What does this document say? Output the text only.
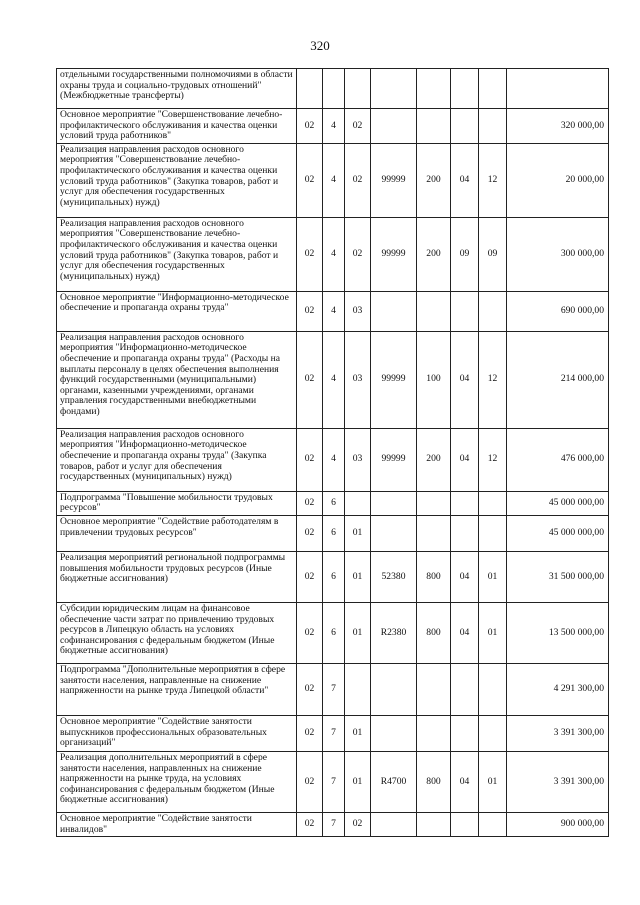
320
отдельными государственными полномочиями в области охраны труда и социально-трудовых отношений" (Межбюджетные трансферты)								
Основное мероприятие "Совершенствование лечебно-профилактического обслуживания и качества оценки условий труда работников"	02	4	02					320 000,00
Реализация направления расходов основного мероприятия "Совершенствование лечебно-профилактического обслуживания и качества оценки условий труда работников" (Закупка товаров, работ и услуг для обеспечения государственных (муниципальных) нужд)	02	4	02	99999	200	04	12	20 000,00
Реализация направления расходов основного мероприятия "Совершенствование лечебно-профилактического обслуживания и качества оценки условий труда работников" (Закупка товаров, работ и услуг для обеспечения государственных (муниципальных) нужд)	02	4	02	99999	200	09	09	300 000,00
Основное мероприятие "Информационно-методическое обеспечение и пропаганда охраны труда"	02	4	03					690 000,00
Реализация направления расходов основного мероприятия "Информационно-методическое обеспечение и пропаганда охраны труда" (Расходы на выплаты персоналу в целях обеспечения выполнения функций государственными (муниципальными) органами, казенными учреждениями, органами управления государственными внебюджетными фондами)	02	4	03	99999	100	04	12	214 000,00
Реализация направления расходов основного мероприятия "Информационно-методическое обеспечение и пропаганда охраны труда" (Закупка товаров, работ и услуг для обеспечения государственных (муниципальных) нужд)	02	4	03	99999	200	04	12	476 000,00
Подпрограмма "Повышение мобильности трудовых ресурсов"	02	6						45 000 000,00
Основное мероприятие "Содействие работодателям в привлечении трудовых ресурсов"	02	6	01					45 000 000,00
Реализация мероприятий региональной подпрограммы повышения мобильности трудовых ресурсов (Иные бюджетные ассигнования)	02	6	01	52380	800	04	01	31 500 000,00
Субсидии юридическим лицам на финансовое обеспечение части затрат по привлечению трудовых ресурсов в Липецкую область на условиях софинансирования с федеральным бюджетом (Иные бюджетные ассигнования)	02	6	01	R2380	800	04	01	13 500 000,00
Подпрограмма "Дополнительные мероприятия в сфере занятости населения, направленные на снижение напряженности на рынке труда Липецкой области"	02	7						4 291 300,00
Основное мероприятие "Содействие занятости выпускников профессиональных образовательных организаций"	02	7	01					3 391 300,00
Реализация дополнительных мероприятий в сфере занятости населения, направленных на снижение напряженности на рынке труда, на условиях софинансирования с федеральным бюджетом (Иные бюджетные ассигнования)	02	7	01	R4700	800	04	01	3 391 300,00
Основное мероприятие "Содействие занятости инвалидов"	02	7	02					900 000,00
